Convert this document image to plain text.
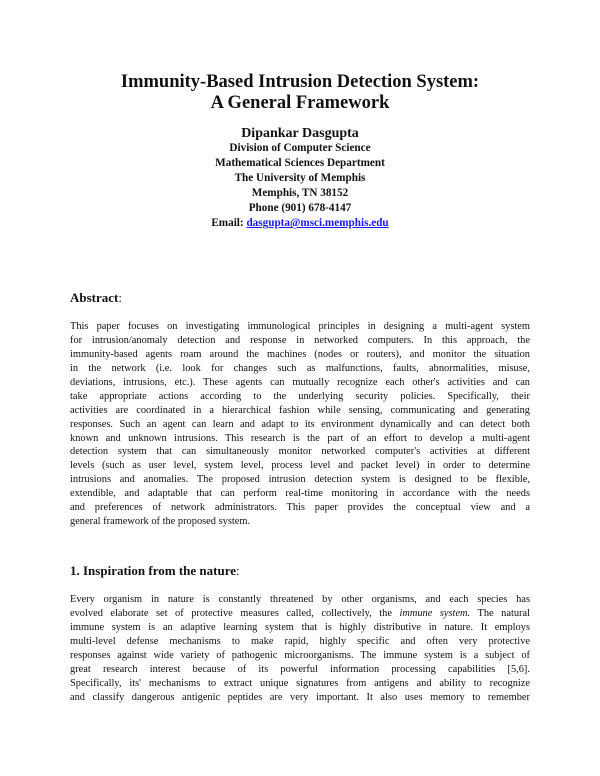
Immunity-Based Intrusion Detection System:
A General Framework
Dipankar Dasgupta
Division of Computer Science
Mathematical Sciences Department
The University of Memphis
Memphis, TN 38152
Phone (901) 678-4147
Email: dasgupta@msci.memphis.edu
Abstract:
This paper focuses on investigating immunological principles in designing a multi-agent system
for intrusion/anomaly detection and response in networked computers. In this approach, the
immunity-based agents roam around the machines (nodes or routers), and monitor the situation
in the network (i.e. look for changes such as malfunctions, faults, abnormalities, misuse,
deviations, intrusions, etc.). These agents can mutually recognize each other's activities and can
take appropriate actions according to the underlying security policies. Specifically, their
activities are coordinated in a hierarchical fashion while sensing, communicating and generating
responses. Such an agent can learn and adapt to its environment dynamically and can detect both
known and unknown intrusions. This research is the part of an effort to develop a multi-agent
detection system that can simultaneously monitor networked computer's activities at different
levels (such as user level, system level, process level and packet level) in order to determine
intrusions and anomalies. The proposed intrusion detection system is designed to be flexible,
extendible, and adaptable that can perform real-time monitoring in accordance with the needs
and preferences of network administrators. This paper provides the conceptual view and a
general framework of the proposed system.
1. Inspiration from the nature:
Every organism in nature is constantly threatened by other organisms, and each species has
evolved elaborate set of protective measures called, collectively, the immune system. The natural
immune system is an adaptive learning system that is highly distributive in nature. It employs
multi-level defense mechanisms to make rapid, highly specific and often very protective
responses against wide variety of pathogenic microorganisms. The immune system is a subject of
great research interest because of its powerful information processing capabilities [5,6].
Specifically, its' mechanisms to extract unique signatures from antigens and ability to recognize
and classify dangerous antigenic peptides are very important. It also uses memory to remember
